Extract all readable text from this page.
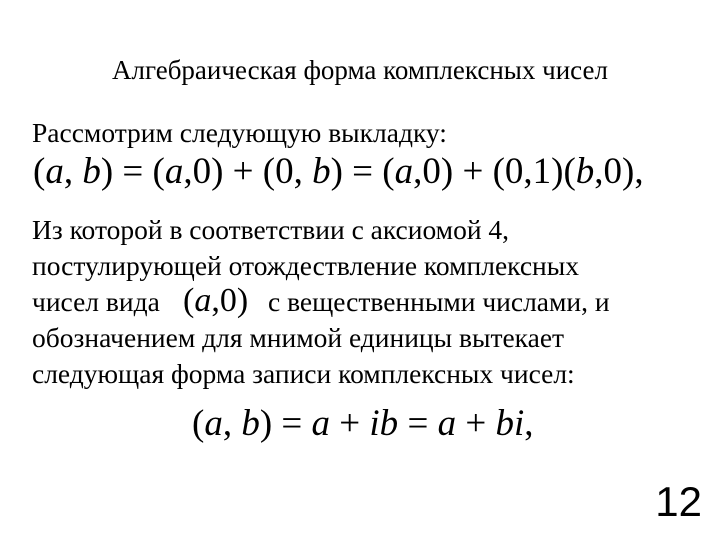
Алгебраическая форма комплексных чисел
Рассмотрим следующую выкладку:
(a, b) = (a,0) + (0, b) = (a,0) + (0,1)(b,0),
Из которой в соответствии с аксиомой 4,
постулирующей отождествление комплексных
чисел вида (a,0) с вещественными числами, и
обозначением для мнимой единицы вытекает
следующая форма записи комплексных чисел:
(a, b) = a + ib = a + bi,
12
